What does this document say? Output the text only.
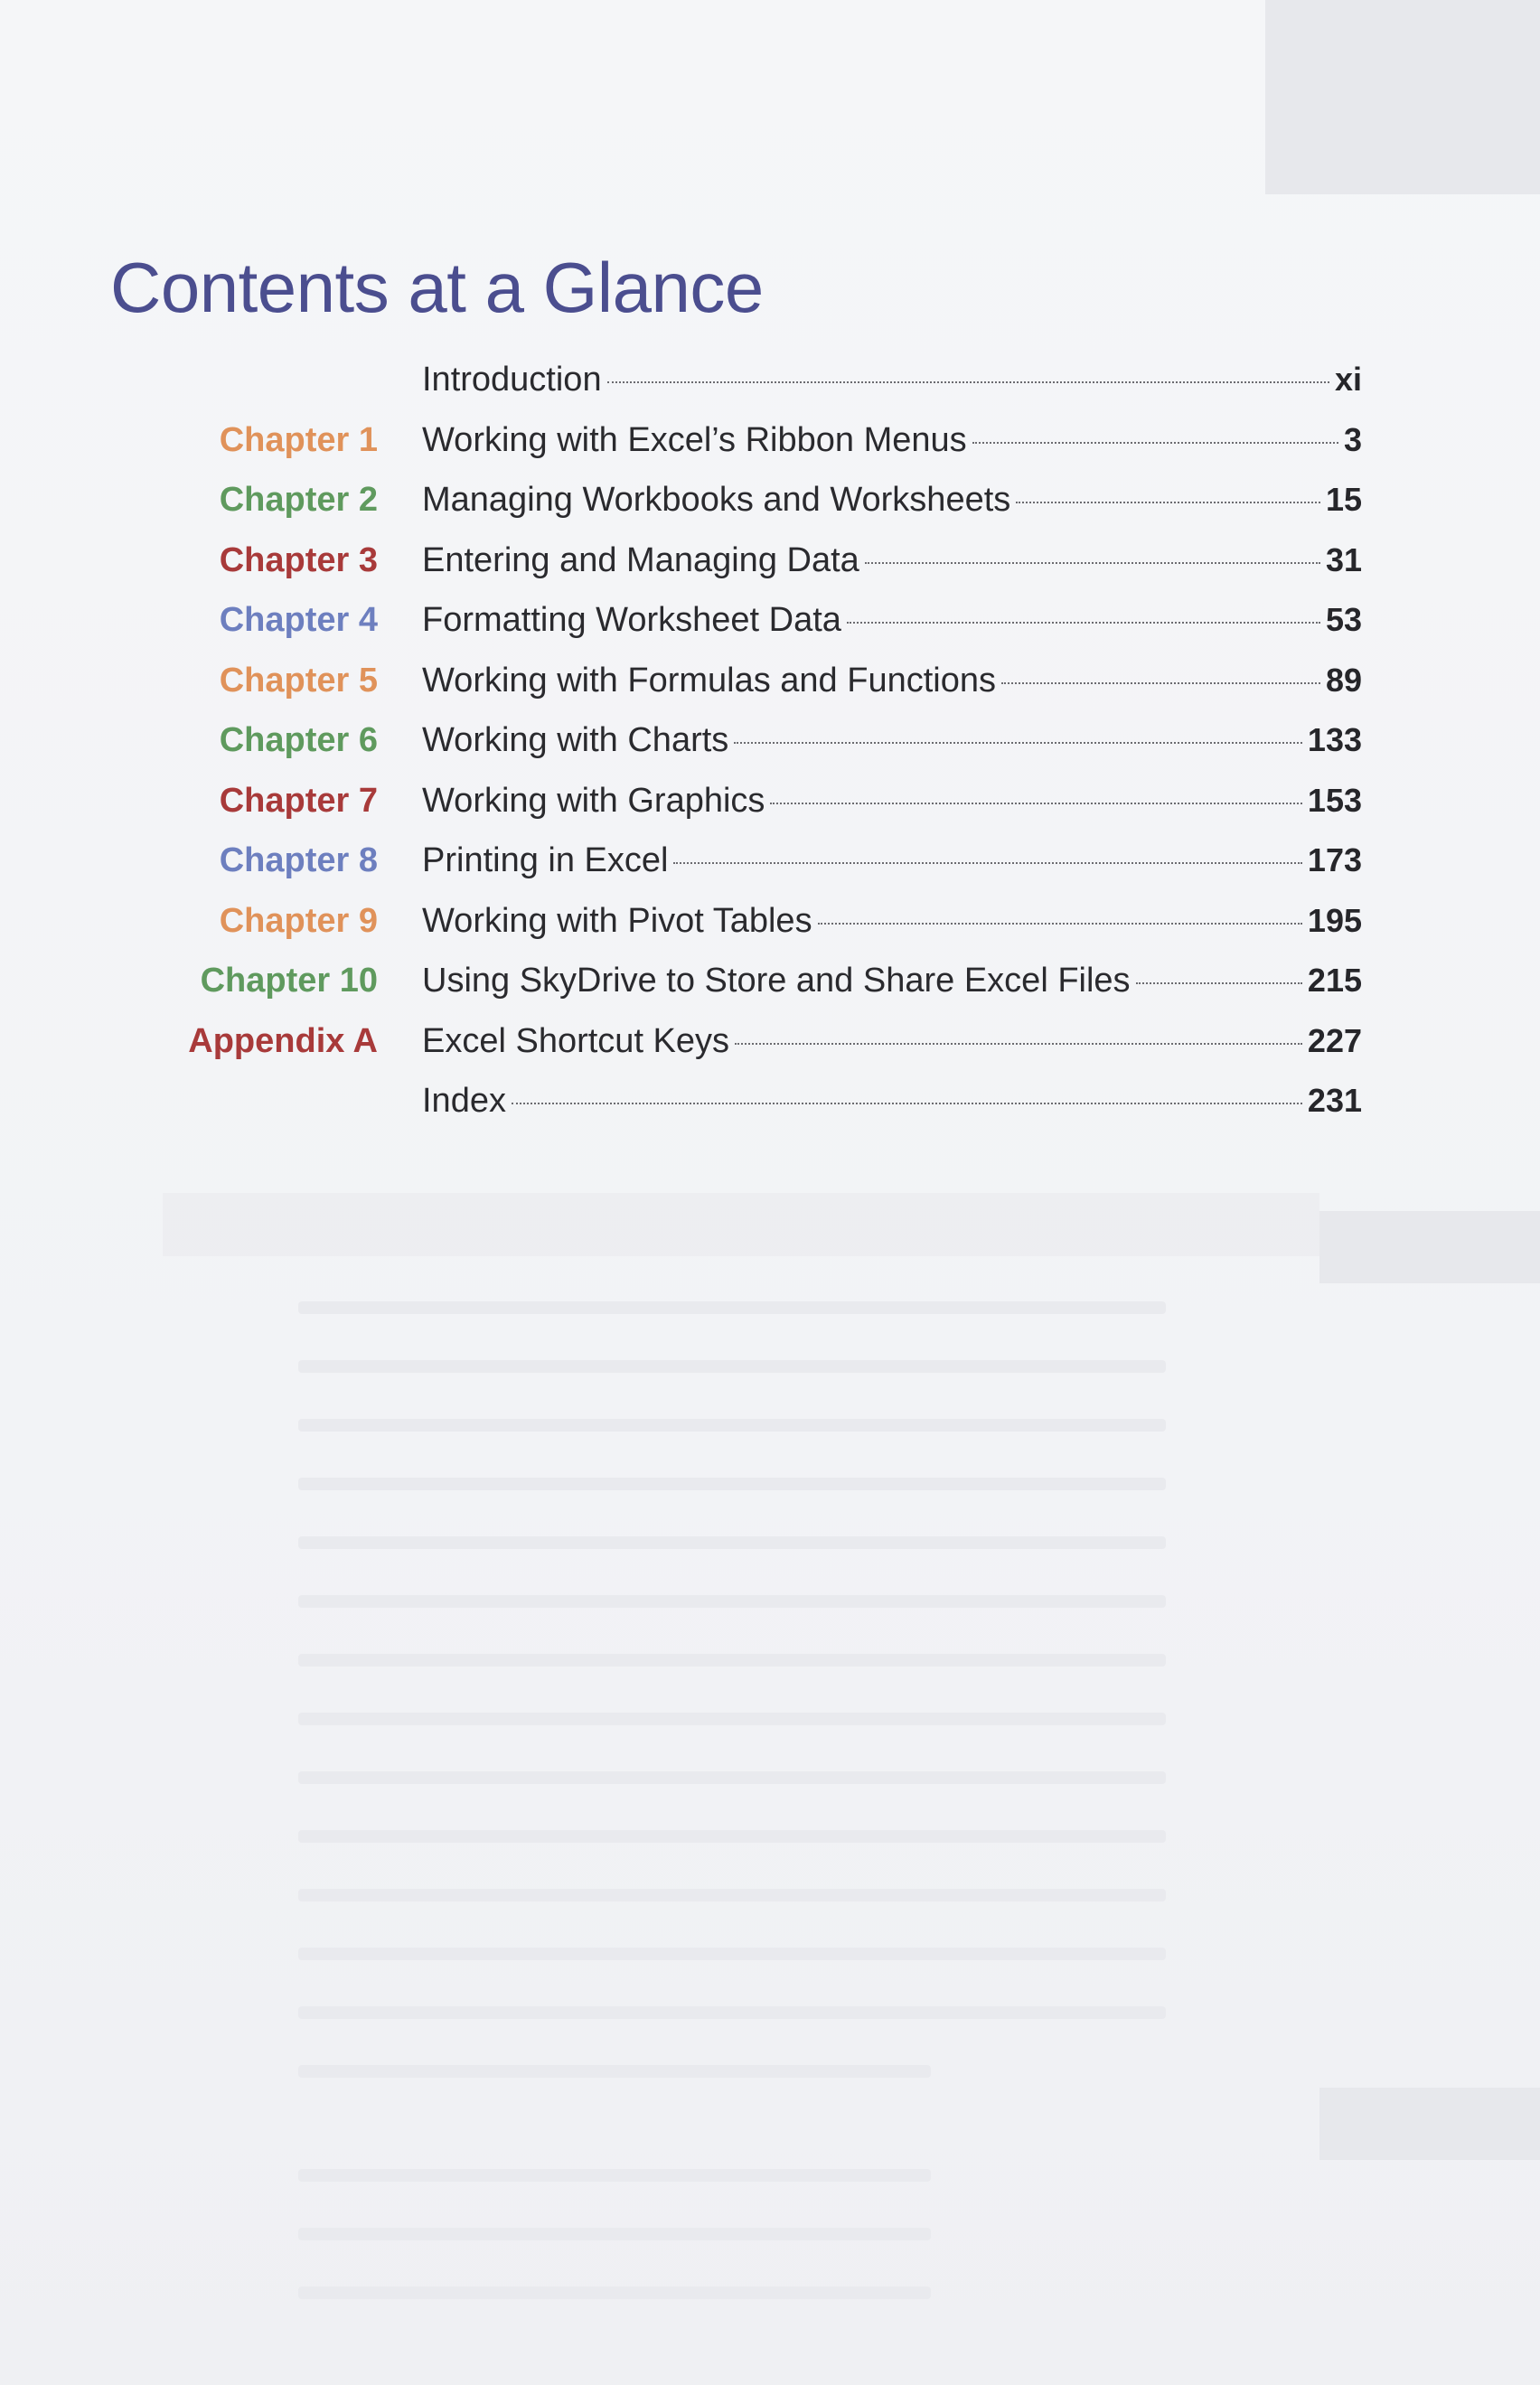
Contents at a Glance
Introduction	xi
Chapter 1 Working with Excel’s Ribbon Menus	3
Chapter 2 Managing Workbooks and Worksheets	15
Chapter 3 Entering and Managing Data	31
Chapter 4 Formatting Worksheet Data	53
Chapter 5 Working with Formulas and Functions	89
Chapter 6 Working with Charts	133
Chapter 7 Working with Graphics	153
Chapter 8 Printing in Excel	173
Chapter 9 Working with Pivot Tables	195
Chapter 10 Using SkyDrive to Store and Share Excel Files	215
Appendix A Excel Shortcut Keys	227
Index	231
